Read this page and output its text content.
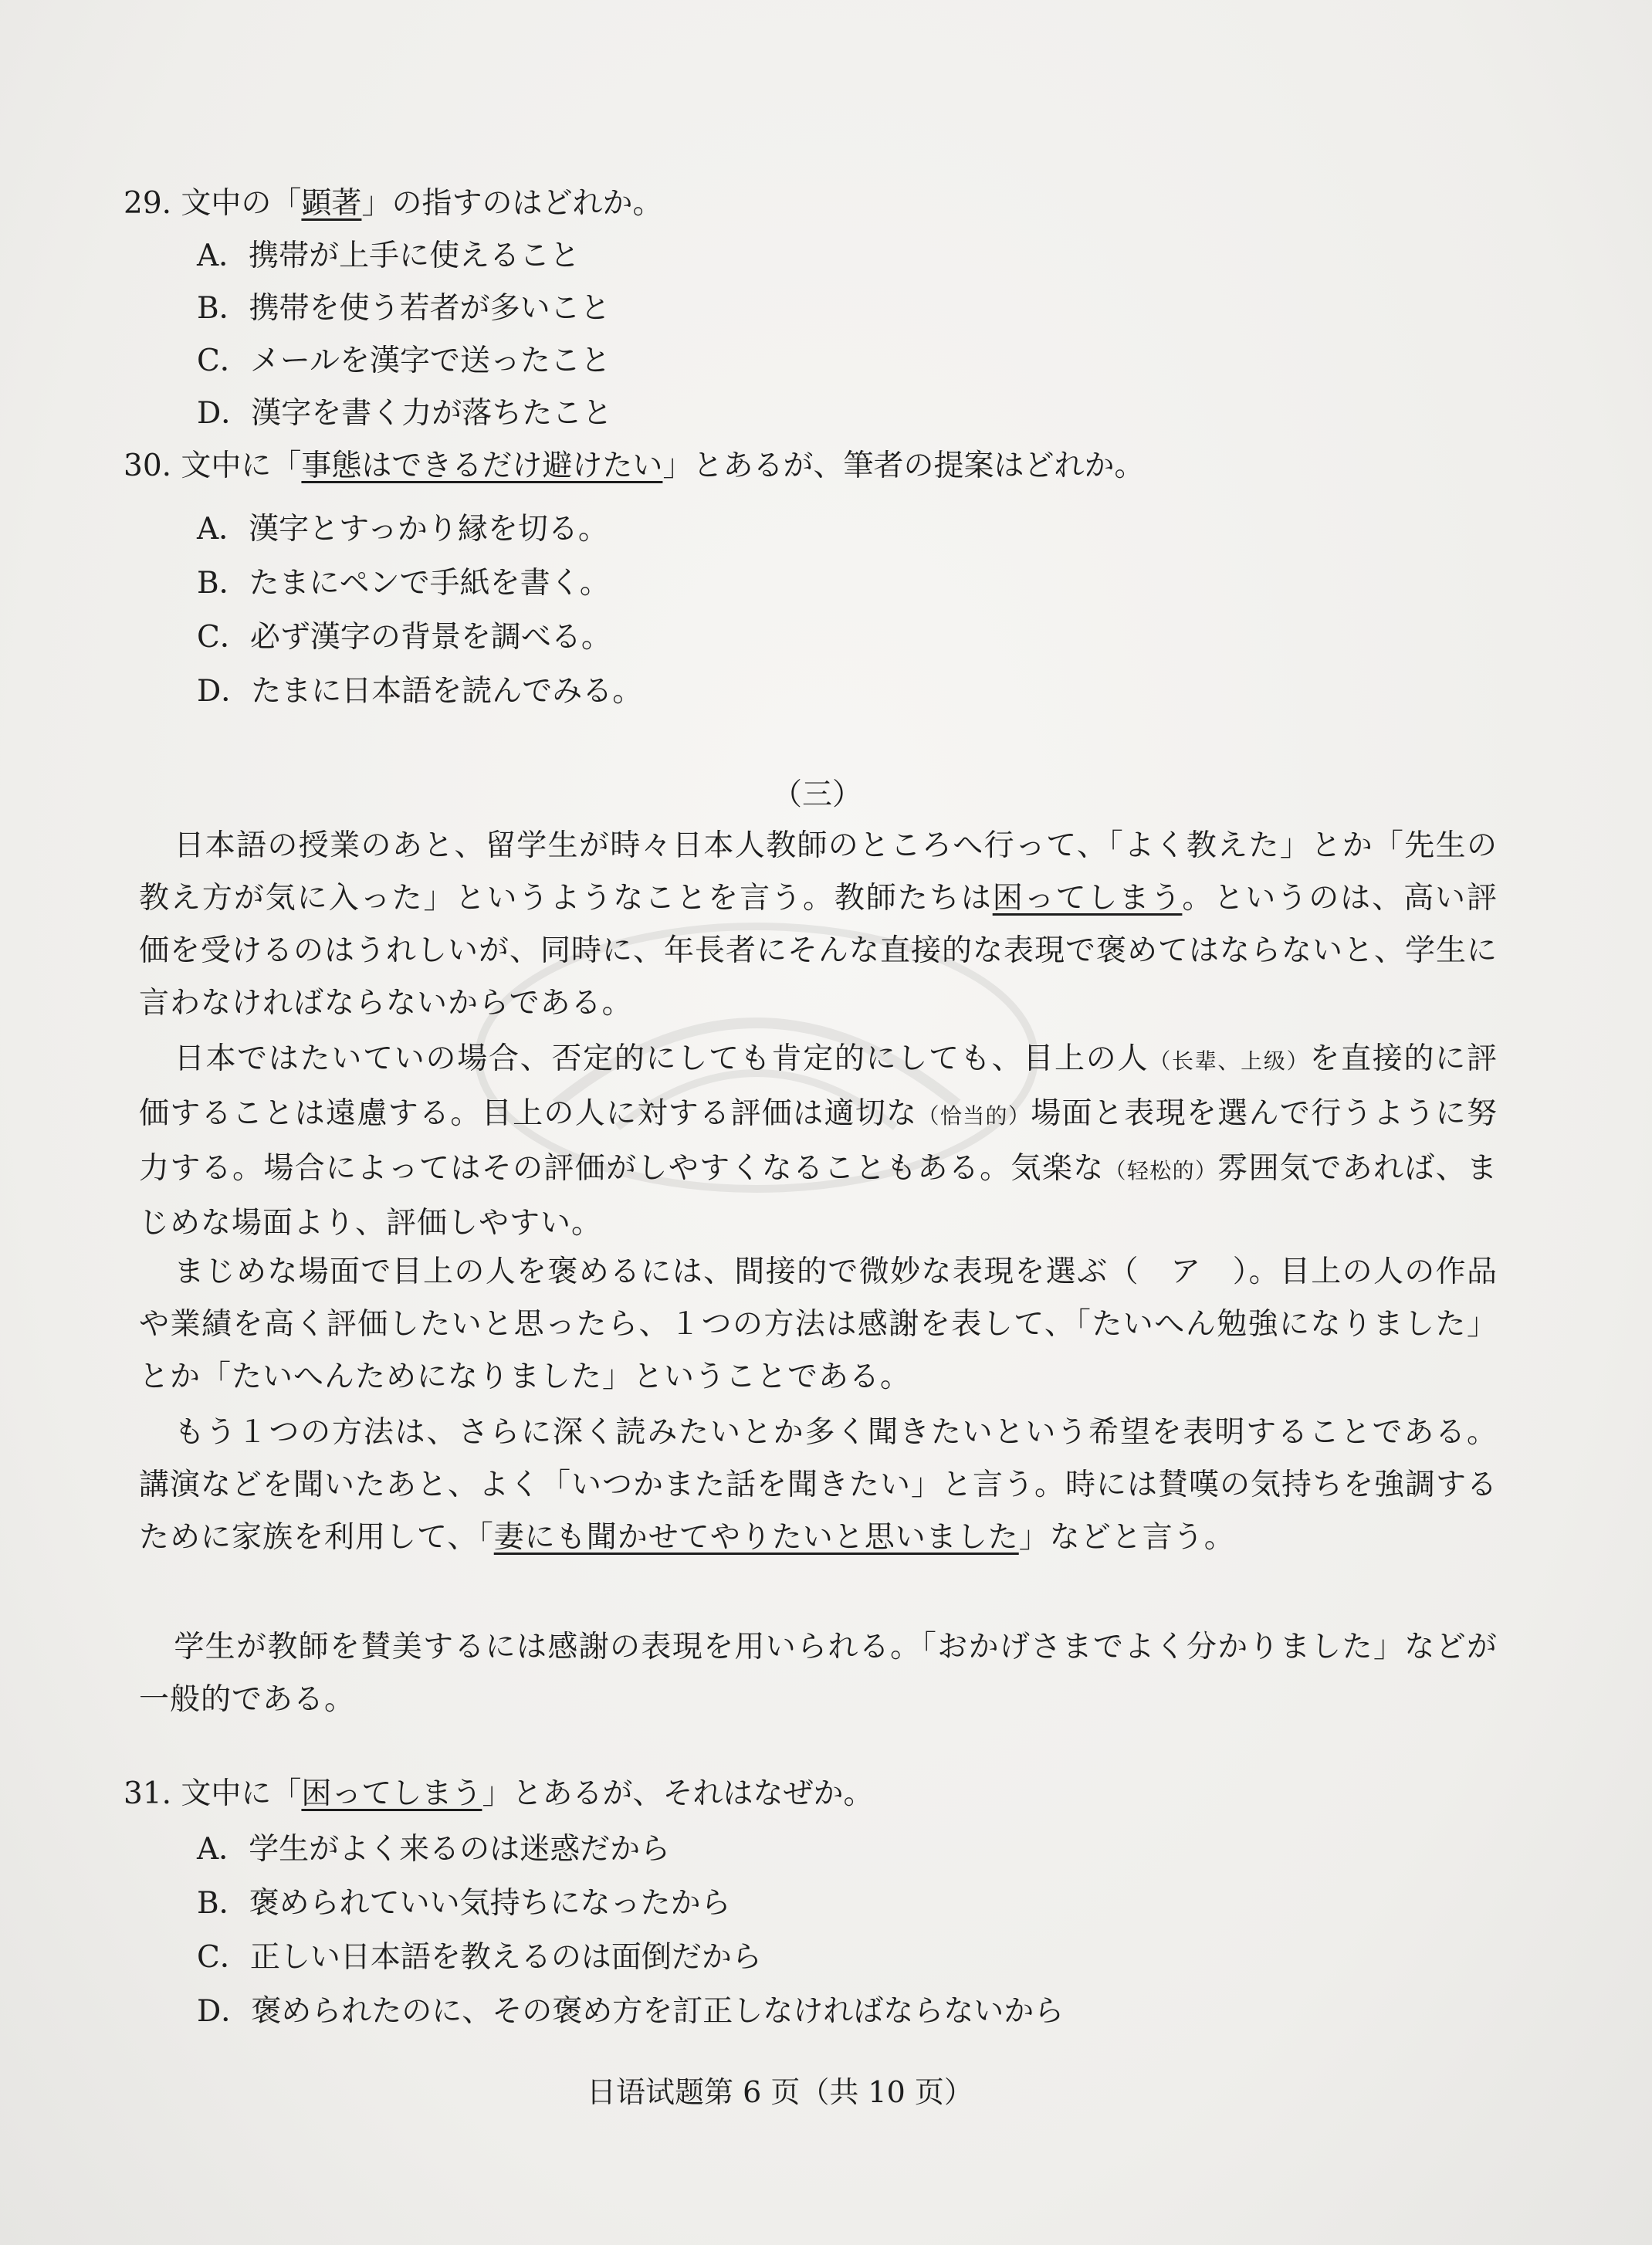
29. 文中の「顕著」の指すのはどれか。
A．携帯が上手に使えること
B．携帯を使う若者が多いこと
C．メールを漢字で送ったこと
D．漢字を書く力が落ちたこと
30. 文中に「事態はできるだけ避けたい」とあるが、筆者の提案はどれか。
A．漢字とすっかり縁を切る。
B．たまにペンで手紙を書く。
C．必ず漢字の背景を調べる。
D．たまに日本語を読んでみる。
（三）
日本語の授業のあと、留学生が時々日本人教師のところへ行って、「よく教えた」とか「先生の教え方が気に入った」というようなことを言う。教師たちは困ってしまう。というのは、高い評価を受けるのはうれしいが、同時に、年長者にそんな直接的な表現で褒めてはならないと、学生に言わなければならないからである。
日本ではたいていの場合、否定的にしても肯定的にしても、目上の人（长辈、上级）を直接的に評価することは遠慮する。目上の人に対する評価は適切な（恰当的）場面と表現を選んで行うように努力する。場合によってはその評価がしやすくなることもある。気楽な（轻松的）雰囲気であれば、まじめな場面より、評価しやすい。
まじめな場面で目上の人を褒めるには、間接的で微妙な表現を選ぶ（　ア　）。目上の人の作品や業績を高く評価したいと思ったら、１つの方法は感謝を表して、「たいへん勉強になりました」とか「たいへんためになりました」ということである。
もう１つの方法は、さらに深く読みたいとか多く聞きたいという希望を表明することである。講演などを聞いたあと、よく「いつかまた話を聞きたい」と言う。時には賛嘆の気持ちを強調するために家族を利用して、「妻にも聞かせてやりたいと思いました」などと言う。
学生が教師を賛美するには感謝の表現を用いられる。「おかげさまでよく分かりました」などが一般的である。
31. 文中に「困ってしまう」とあるが、それはなぜか。
A．学生がよく来るのは迷惑だから
B．褒められていい気持ちになったから
C．正しい日本語を教えるのは面倒だから
D．褒められたのに、その褒め方を訂正しなければならないから
日语试题第 6 页（共 10 页）
